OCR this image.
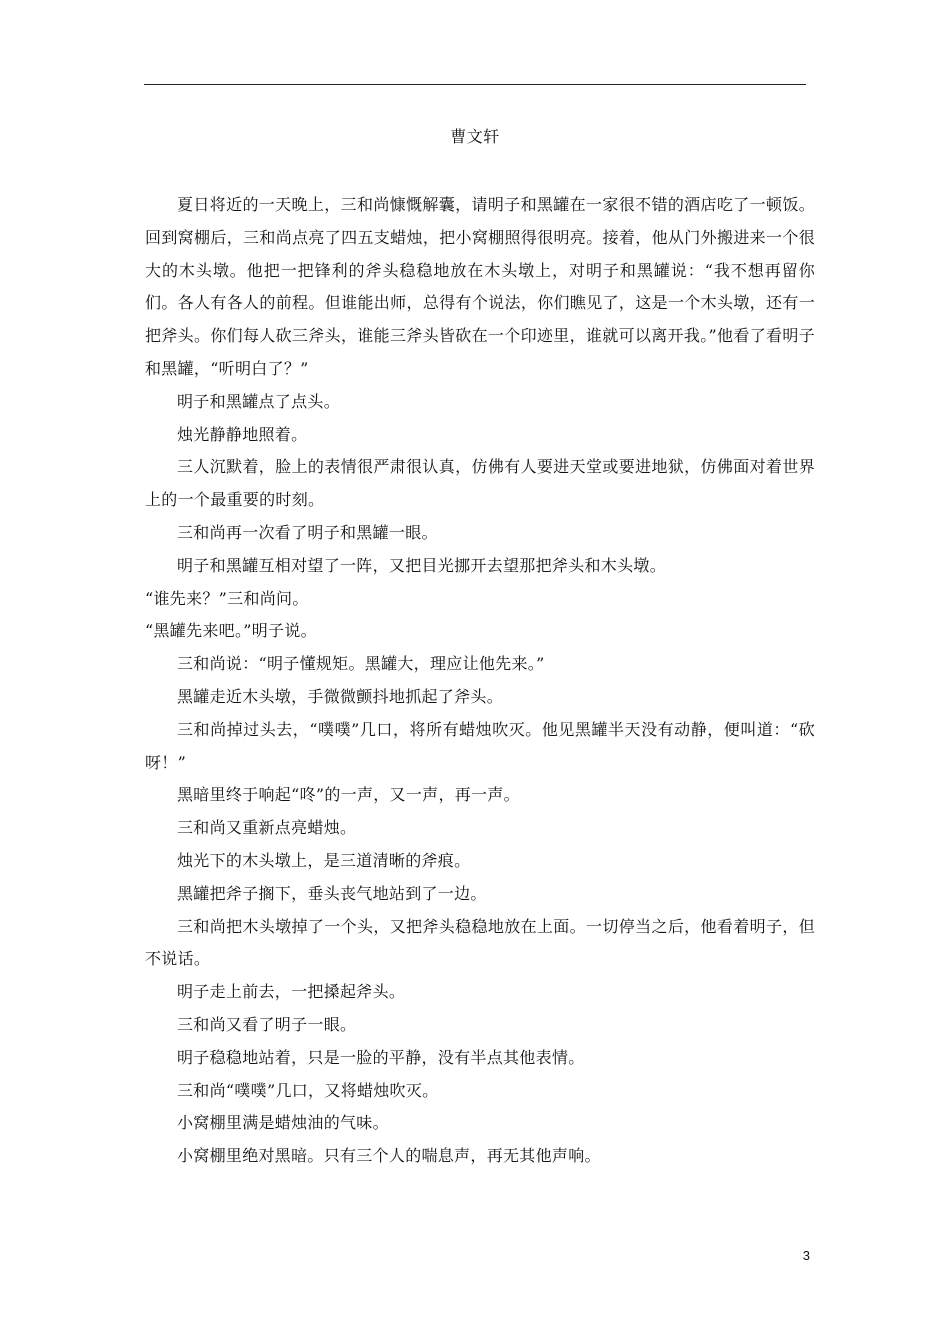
曹文轩

夏日将近的一天晚上，三和尚慷慨解囊，请明子和黑罐在一家很不错的酒店吃了一顿饭。回到窝棚后，三和尚点亮了四五支蜡烛，把小窝棚照得很明亮。接着，他从门外搬进来一个很大的木头墩。他把一把锋利的斧头稳稳地放在木头墩上，对明子和黑罐说：“我不想再留你们。各人有各人的前程。但谁能出师，总得有个说法，你们瞧见了，这是一个木头墩，还有一把斧头。你们每人砍三斧头，谁能三斧头皆砍在一个印迹里，谁就可以离开我。”他看了看明子和黑罐，“听明白了？”

明子和黑罐点了点头。

烛光静静地照着。

三人沉默着，脸上的表情很严肃很认真，仿佛有人要进天堂或要进地狱，仿佛面对着世界上的一个最重要的时刻。

三和尚再一次看了明子和黑罐一眼。

明子和黑罐互相对望了一阵，又把目光挪开去望那把斧头和木头墩。

“谁先来？”三和尚问。

“黑罐先来吧。”明子说。

三和尚说：“明子懂规矩。黑罐大，理应让他先来。”

黑罐走近木头墩，手微微颤抖地抓起了斧头。

三和尚掉过头去，“噗噗”几口，将所有蜡烛吹灭。他见黑罐半天没有动静，便叫道：“砍呀！”

黑暗里终于响起“咚”的一声，又一声，再一声。

三和尚又重新点亮蜡烛。

烛光下的木头墩上，是三道清晰的斧痕。

黑罐把斧子搁下，垂头丧气地站到了一边。

三和尚把木头墩掉了一个头，又把斧头稳稳地放在上面。一切停当之后，他看着明子，但不说话。

明子走上前去，一把搡起斧头。

三和尚又看了明子一眼。

明子稳稳地站着，只是一脸的平静，没有半点其他表情。

三和尚“噗噗”几口，又将蜡烛吹灭。

小窝棚里满是蜡烛油的气味。

小窝棚里绝对黑暗。只有三个人的喘息声，再无其他声响。

3
